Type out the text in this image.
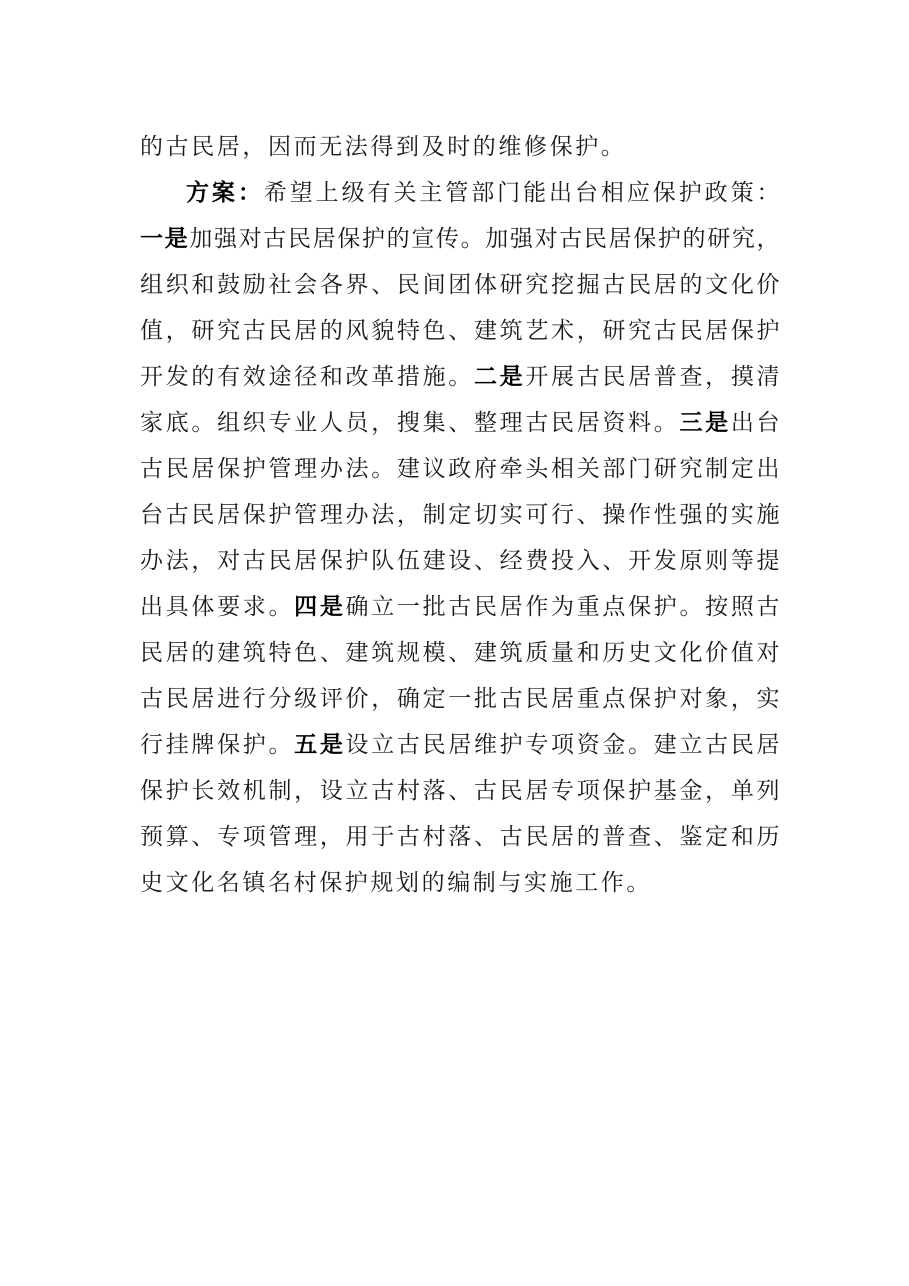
的古民居，因而无法得到及时的维修保护。
方案：希望上级有关主管部门能出台相应保护政策：
一是加强对古民居保护的宣传。加强对古民居保护的研究，
组织和鼓励社会各界、民间团体研究挖掘古民居的文化价
值，研究古民居的风貌特色、建筑艺术，研究古民居保护
开发的有效途径和改革措施。二是开展古民居普查，摸清
家底。组织专业人员，搜集、整理古民居资料。三是出台
古民居保护管理办法。建议政府牵头相关部门研究制定出
台古民居保护管理办法，制定切实可行、操作性强的实施
办法，对古民居保护队伍建设、经费投入、开发原则等提
出具体要求。四是确立一批古民居作为重点保护。按照古
民居的建筑特色、建筑规模、建筑质量和历史文化价值对
古民居进行分级评价，确定一批古民居重点保护对象，实
行挂牌保护。五是设立古民居维护专项资金。建立古民居
保护长效机制，设立古村落、古民居专项保护基金，单列
预算、专项管理，用于古村落、古民居的普查、鉴定和历
史文化名镇名村保护规划的编制与实施工作。
